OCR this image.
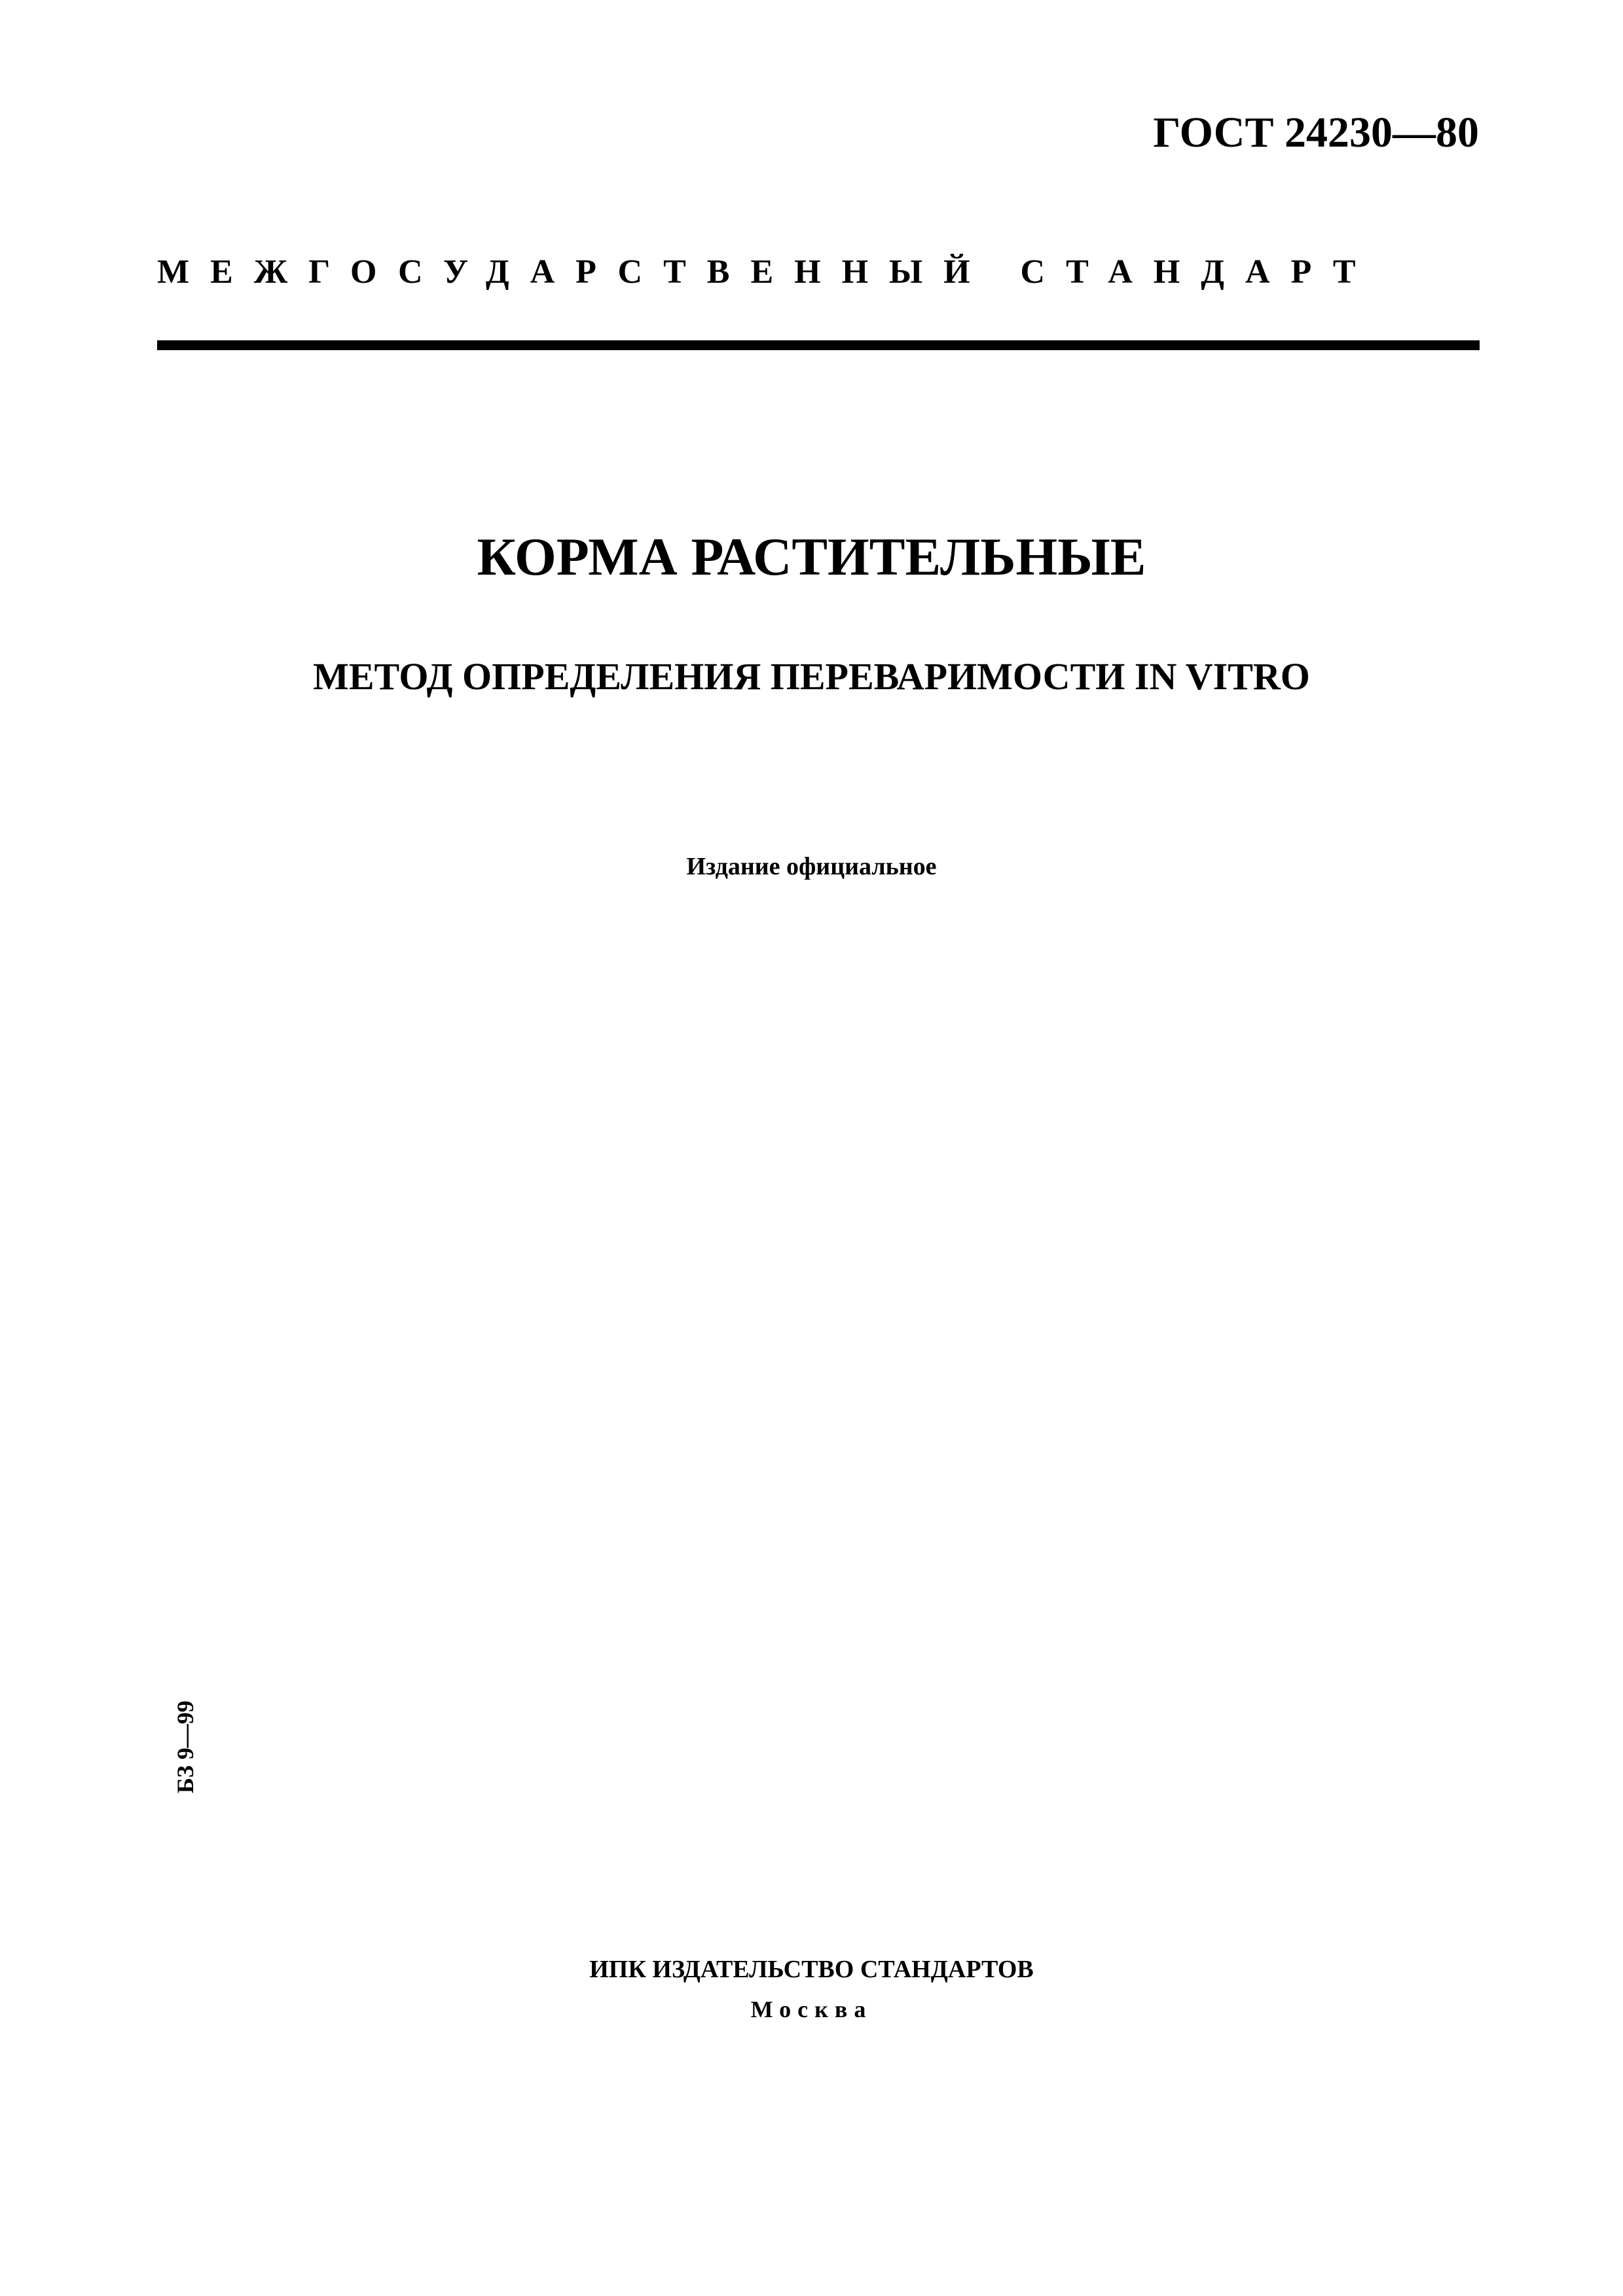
ГОСТ 24230—80
МЕЖГОСУДАРСТВЕННЫЙ СТАНДАРТ
КОРМА РАСТИТЕЛЬНЫЕ
МЕТОД ОПРЕДЕЛЕНИЯ ПЕРЕВАРИМОСТИ IN VITRO
Издание официальное
БЗ 9—99
ИПК ИЗДАТЕЛЬСТВО СТАНДАРТОВ
Москва
